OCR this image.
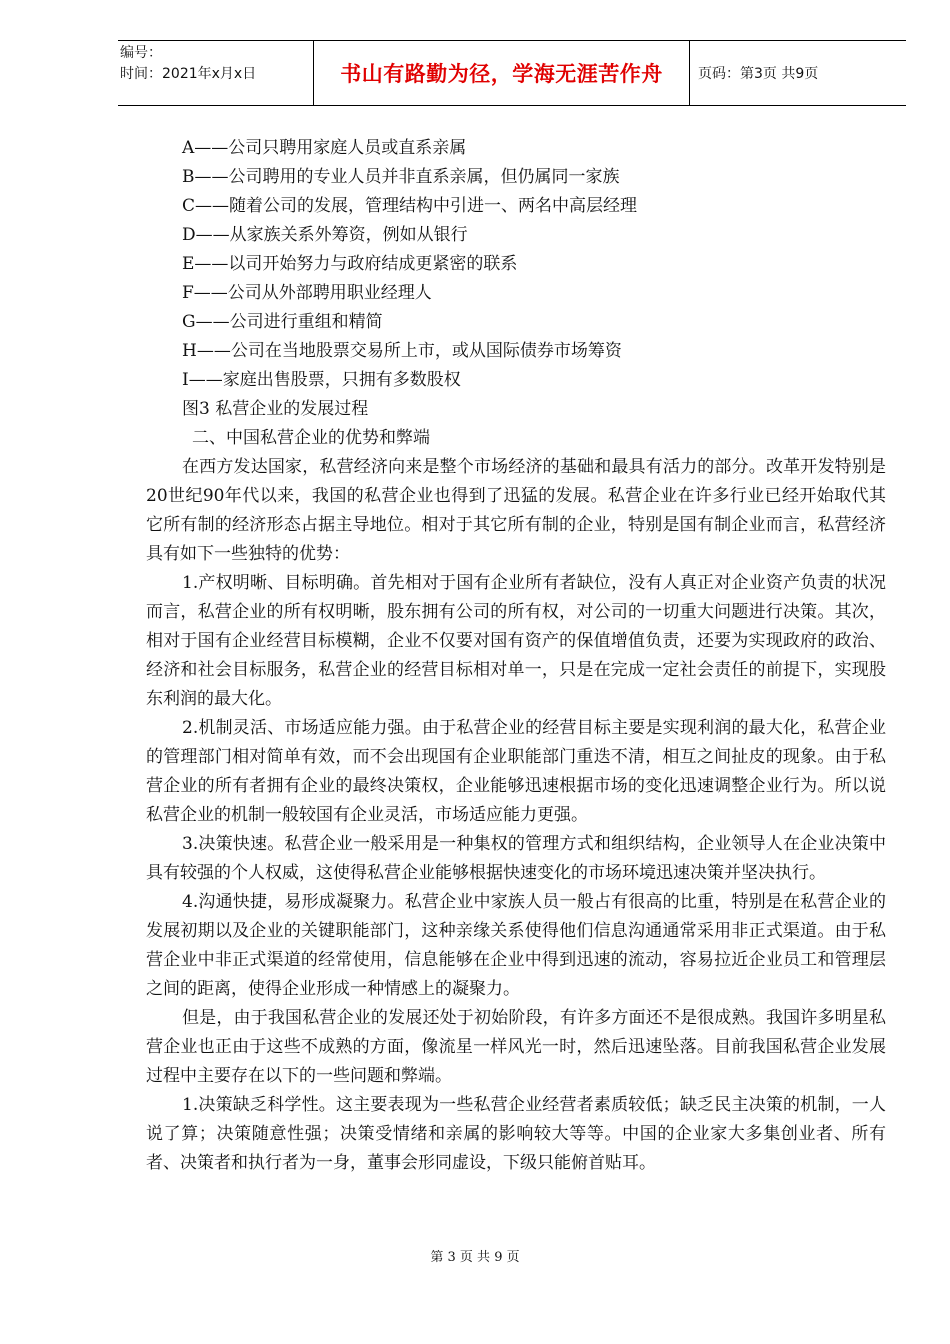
编号：
时间：2021年x月x日	书山有路勤为径，学海无涯苦作舟	页码：第3页 共9页
A——公司只聘用家庭人员或直系亲属
B——公司聘用的专业人员并非直系亲属，但仍属同一家族
C——随着公司的发展，管理结构中引进一、两名中高层经理
D——从家族关系外筹资，例如从银行
E——以司开始努力与政府结成更紧密的联系
F——公司从外部聘用职业经理人
G——公司进行重组和精简
H——公司在当地股票交易所上市，或从国际债券市场筹资
I——家庭出售股票，只拥有多数股权
图3 私营企业的发展过程
二、中国私营企业的优势和弊端

在西方发达国家，私营经济向来是整个市场经济的基础和最具有活力的部分。改革开发特别是20世纪90年代以来，我国的私营企业也得到了迅猛的发展。私营企业在许多行业已经开始取代其它所有制的经济形态占据主导地位。相对于其它所有制的企业，特别是国有制企业而言，私营经济具有如下一些独特的优势：

1.产权明晰、目标明确。首先相对于国有企业所有者缺位，没有人真正对企业资产负责的状况而言，私营企业的所有权明晰，股东拥有公司的所有权，对公司的一切重大问题进行决策。其次，相对于国有企业经营目标模糊，企业不仅要对国有资产的保值增值负责，还要为实现政府的政治、经济和社会目标服务，私营企业的经营目标相对单一，只是在完成一定社会责任的前提下，实现股东利润的最大化。

2.机制灵活、市场适应能力强。由于私营企业的经营目标主要是实现利润的最大化，私营企业的管理部门相对简单有效，而不会出现国有企业职能部门重迭不清，相互之间扯皮的现象。由于私营企业的所有者拥有企业的最终决策权，企业能够迅速根据市场的变化迅速调整企业行为。所以说私营企业的机制一般较国有企业灵活，市场适应能力更强。

3.决策快速。私营企业一般采用是一种集权的管理方式和组织结构，企业领导人在企业决策中具有较强的个人权威，这使得私营企业能够根据快速变化的市场环境迅速决策并坚决执行。

4.沟通快捷，易形成凝聚力。私营企业中家族人员一般占有很高的比重，特别是在私营企业的发展初期以及企业的关键职能部门，这种亲缘关系使得他们信息沟通通常采用非正式渠道。由于私营企业中非正式渠道的经常使用，信息能够在企业中得到迅速的流动，容易拉近企业员工和管理层之间的距离，使得企业形成一种情感上的凝聚力。

但是，由于我国私营企业的发展还处于初始阶段，有许多方面还不是很成熟。我国许多明星私营企业也正由于这些不成熟的方面，像流星一样风光一时，然后迅速坠落。目前我国私营企业发展过程中主要存在以下的一些问题和弊端。

1.决策缺乏科学性。这主要表现为一些私营企业经营者素质较低；缺乏民主决策的机制，一人说了算；决策随意性强；决策受情绪和亲属的影响较大等等。中国的企业家大多集创业者、所有者、决策者和执行者为一身，董事会形同虚设，下级只能俯首贴耳。

第 3 页 共 9 页
